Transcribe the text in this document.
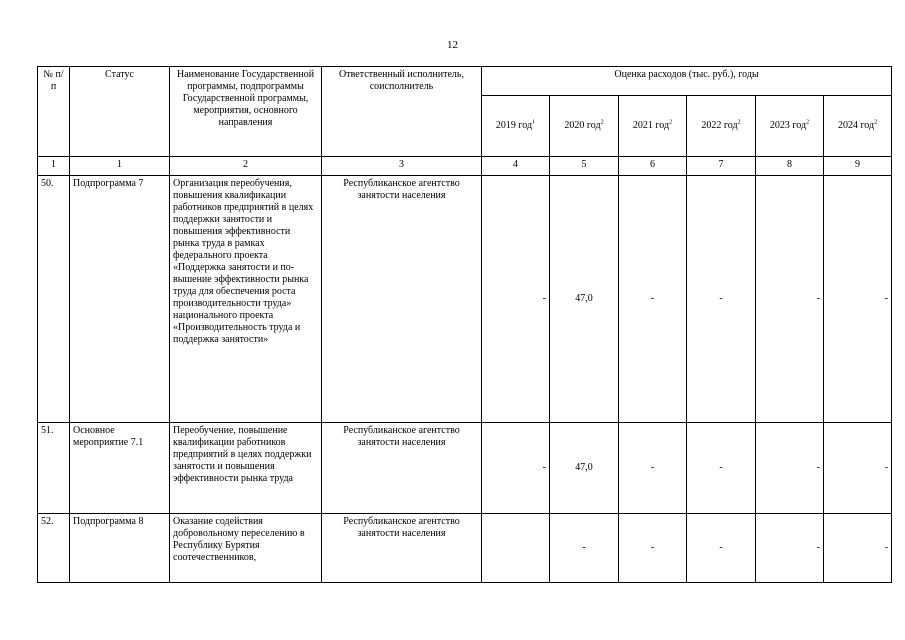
12
№ п/п	Статус	Наименование Государственной программы, подпрограммы Государственной программы, мероприятия, основного направления	Ответственный исполнитель, соисполнитель	Оценка расходов (тыс. руб.), годы					
				2019 год$^1$	2020 год$^2$	2021 год$^2$	2022 год$^2$	2023 год$^2$	2024 год$^2$
1	1	2	3	4	5	6	7	8	9
50.	Подпрограмма 7	Организация переобучения, повышения квалификации работников предприятий в целях поддержки занятости и повышения эффективности рынка труда в рамках федерального проекта «Поддержка занятости и по-вышение эффективности рынка труда для обеспечения роста производительности труда» национального проекта «Производительность труда и поддержка занятости»	Республиканское агентство занятости населения	-	47,0	-	-	-	-
51.	Основное мероприятие 7.1	Переобучение, повышение квалификации работников предприятий в целях поддержки занятости и повышения эффективности рынка труда	Республиканское агентство занятости населения	-	47,0	-	-	-	-
52.	Подпрограмма 8	Оказание содействия добровольному переселению в Республику Бурятия соотечественников,	Республиканское агентство занятости населения		-	-	-	-	-
